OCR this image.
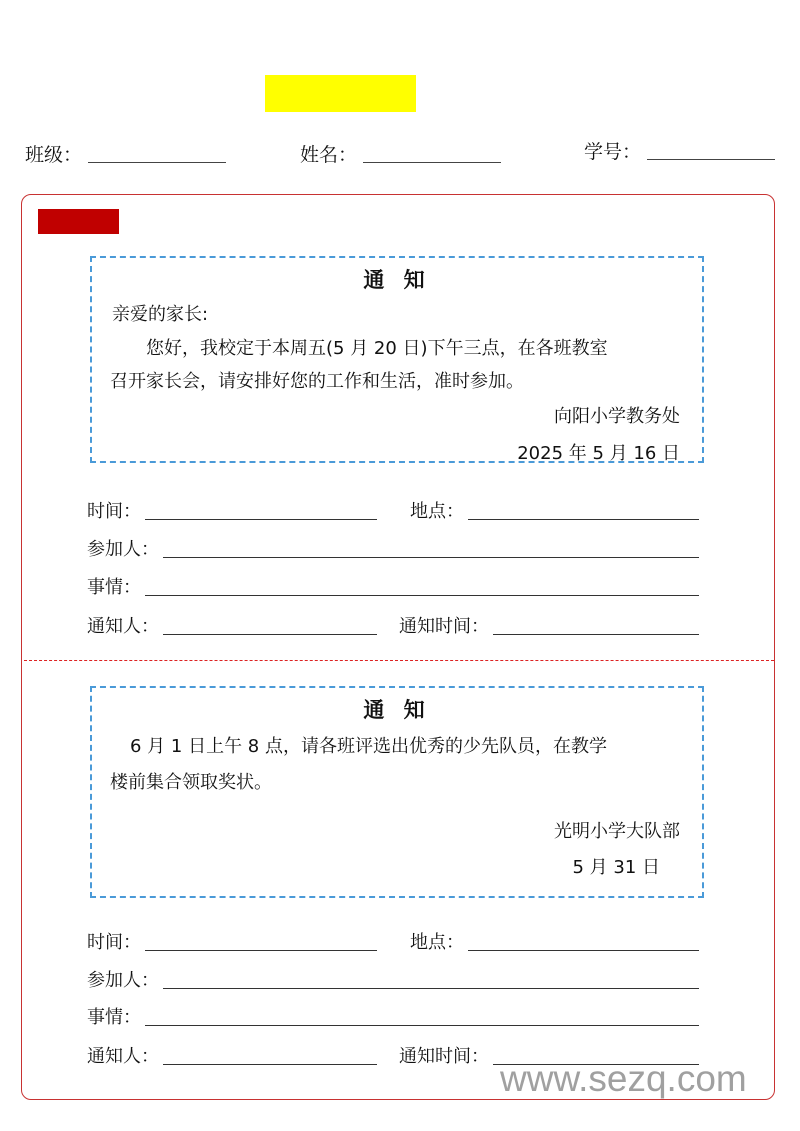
班级：	姓名：	学号：
通 知
亲爱的家长:
您好，我校定于本周五(5 月 20 日)下午三点，在各班教室
召开家长会，请安排好您的工作和生活，准时参加。
向阳小学教务处
2025 年 5 月 16 日
时间：	地点：
参加人：
事情：
通知人：	通知时间：
通 知
6 月 1 日上午 8 点，请各班评选出优秀的少先队员，在教学
楼前集合领取奖状。
光明小学大队部
5 月 31 日
时间：	地点：
参加人：
事情：
通知人：	通知时间：
www.sezq.com
